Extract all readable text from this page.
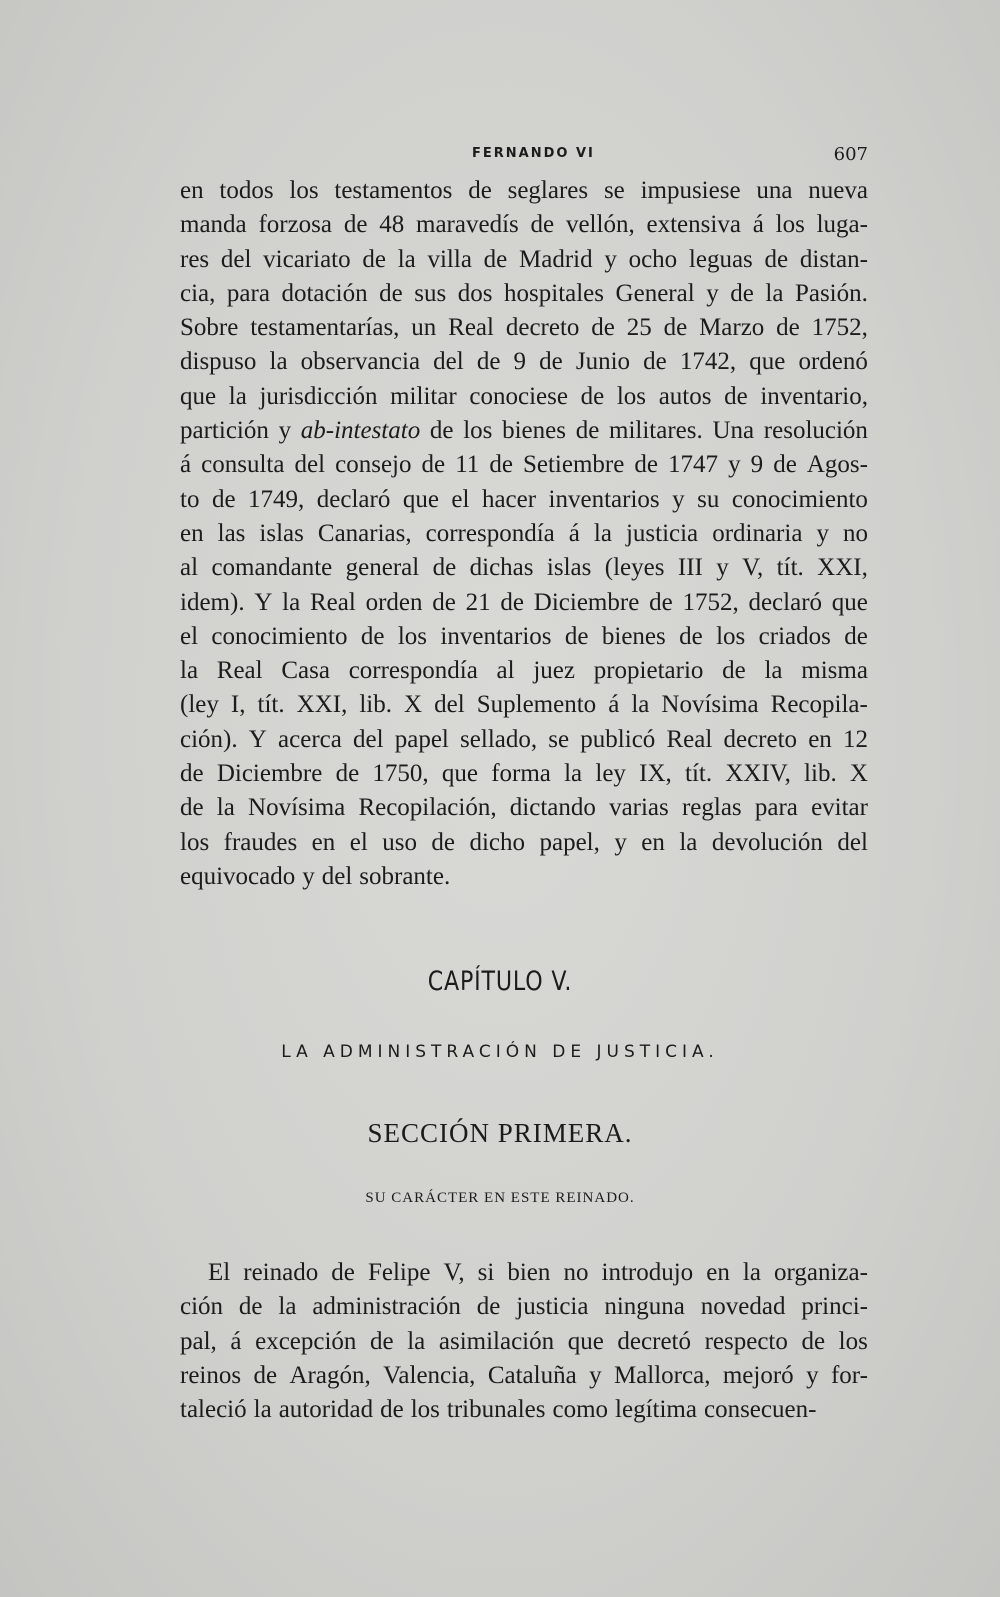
FERNANDO VI	607
en todos los testamentos de seglares se impusiese una nueva
manda forzosa de 48 maravedís de vellón, extensiva á los luga-
res del vicariato de la villa de Madrid y ocho leguas de distan-
cia, para dotación de sus dos hospitales General y de la Pasión.
Sobre testamentarías, un Real decreto de 25 de Marzo de 1752,
dispuso la observancia del de 9 de Junio de 1742, que ordenó
que la jurisdicción militar conociese de los autos de inventario,
partición y ab-intestato de los bienes de militares. Una resolución
á consulta del consejo de 11 de Setiembre de 1747 y 9 de Agos-
to de 1749, declaró que el hacer inventarios y su conocimiento
en las islas Canarias, correspondía á la justicia ordinaria y no
al comandante general de dichas islas (leyes III y V, tít. XXI,
idem). Y la Real orden de 21 de Diciembre de 1752, declaró que
el conocimiento de los inventarios de bienes de los criados de
la Real Casa correspondía al juez propietario de la misma
(ley I, tít. XXI, lib. X del Suplemento á la Novísima Recopila-
ción). Y acerca del papel sellado, se publicó Real decreto en 12
de Diciembre de 1750, que forma la ley IX, tít. XXIV, lib. X
de la Novísima Recopilación, dictando varias reglas para evitar
los fraudes en el uso de dicho papel, y en la devolución del
equivocado y del sobrante.
CAPÍTULO V.
LA ADMINISTRACIÓN DE JUSTICIA.
SECCIÓN PRIMERA.
SU CARÁCTER EN ESTE REINADO.
El reinado de Felipe V, si bien no introdujo en la organiza-
ción de la administración de justicia ninguna novedad princi-
pal, á excepción de la asimilación que decretó respecto de los
reinos de Aragón, Valencia, Cataluña y Mallorca, mejoró y for-
taleció la autoridad de los tribunales como legítima consecuen-
